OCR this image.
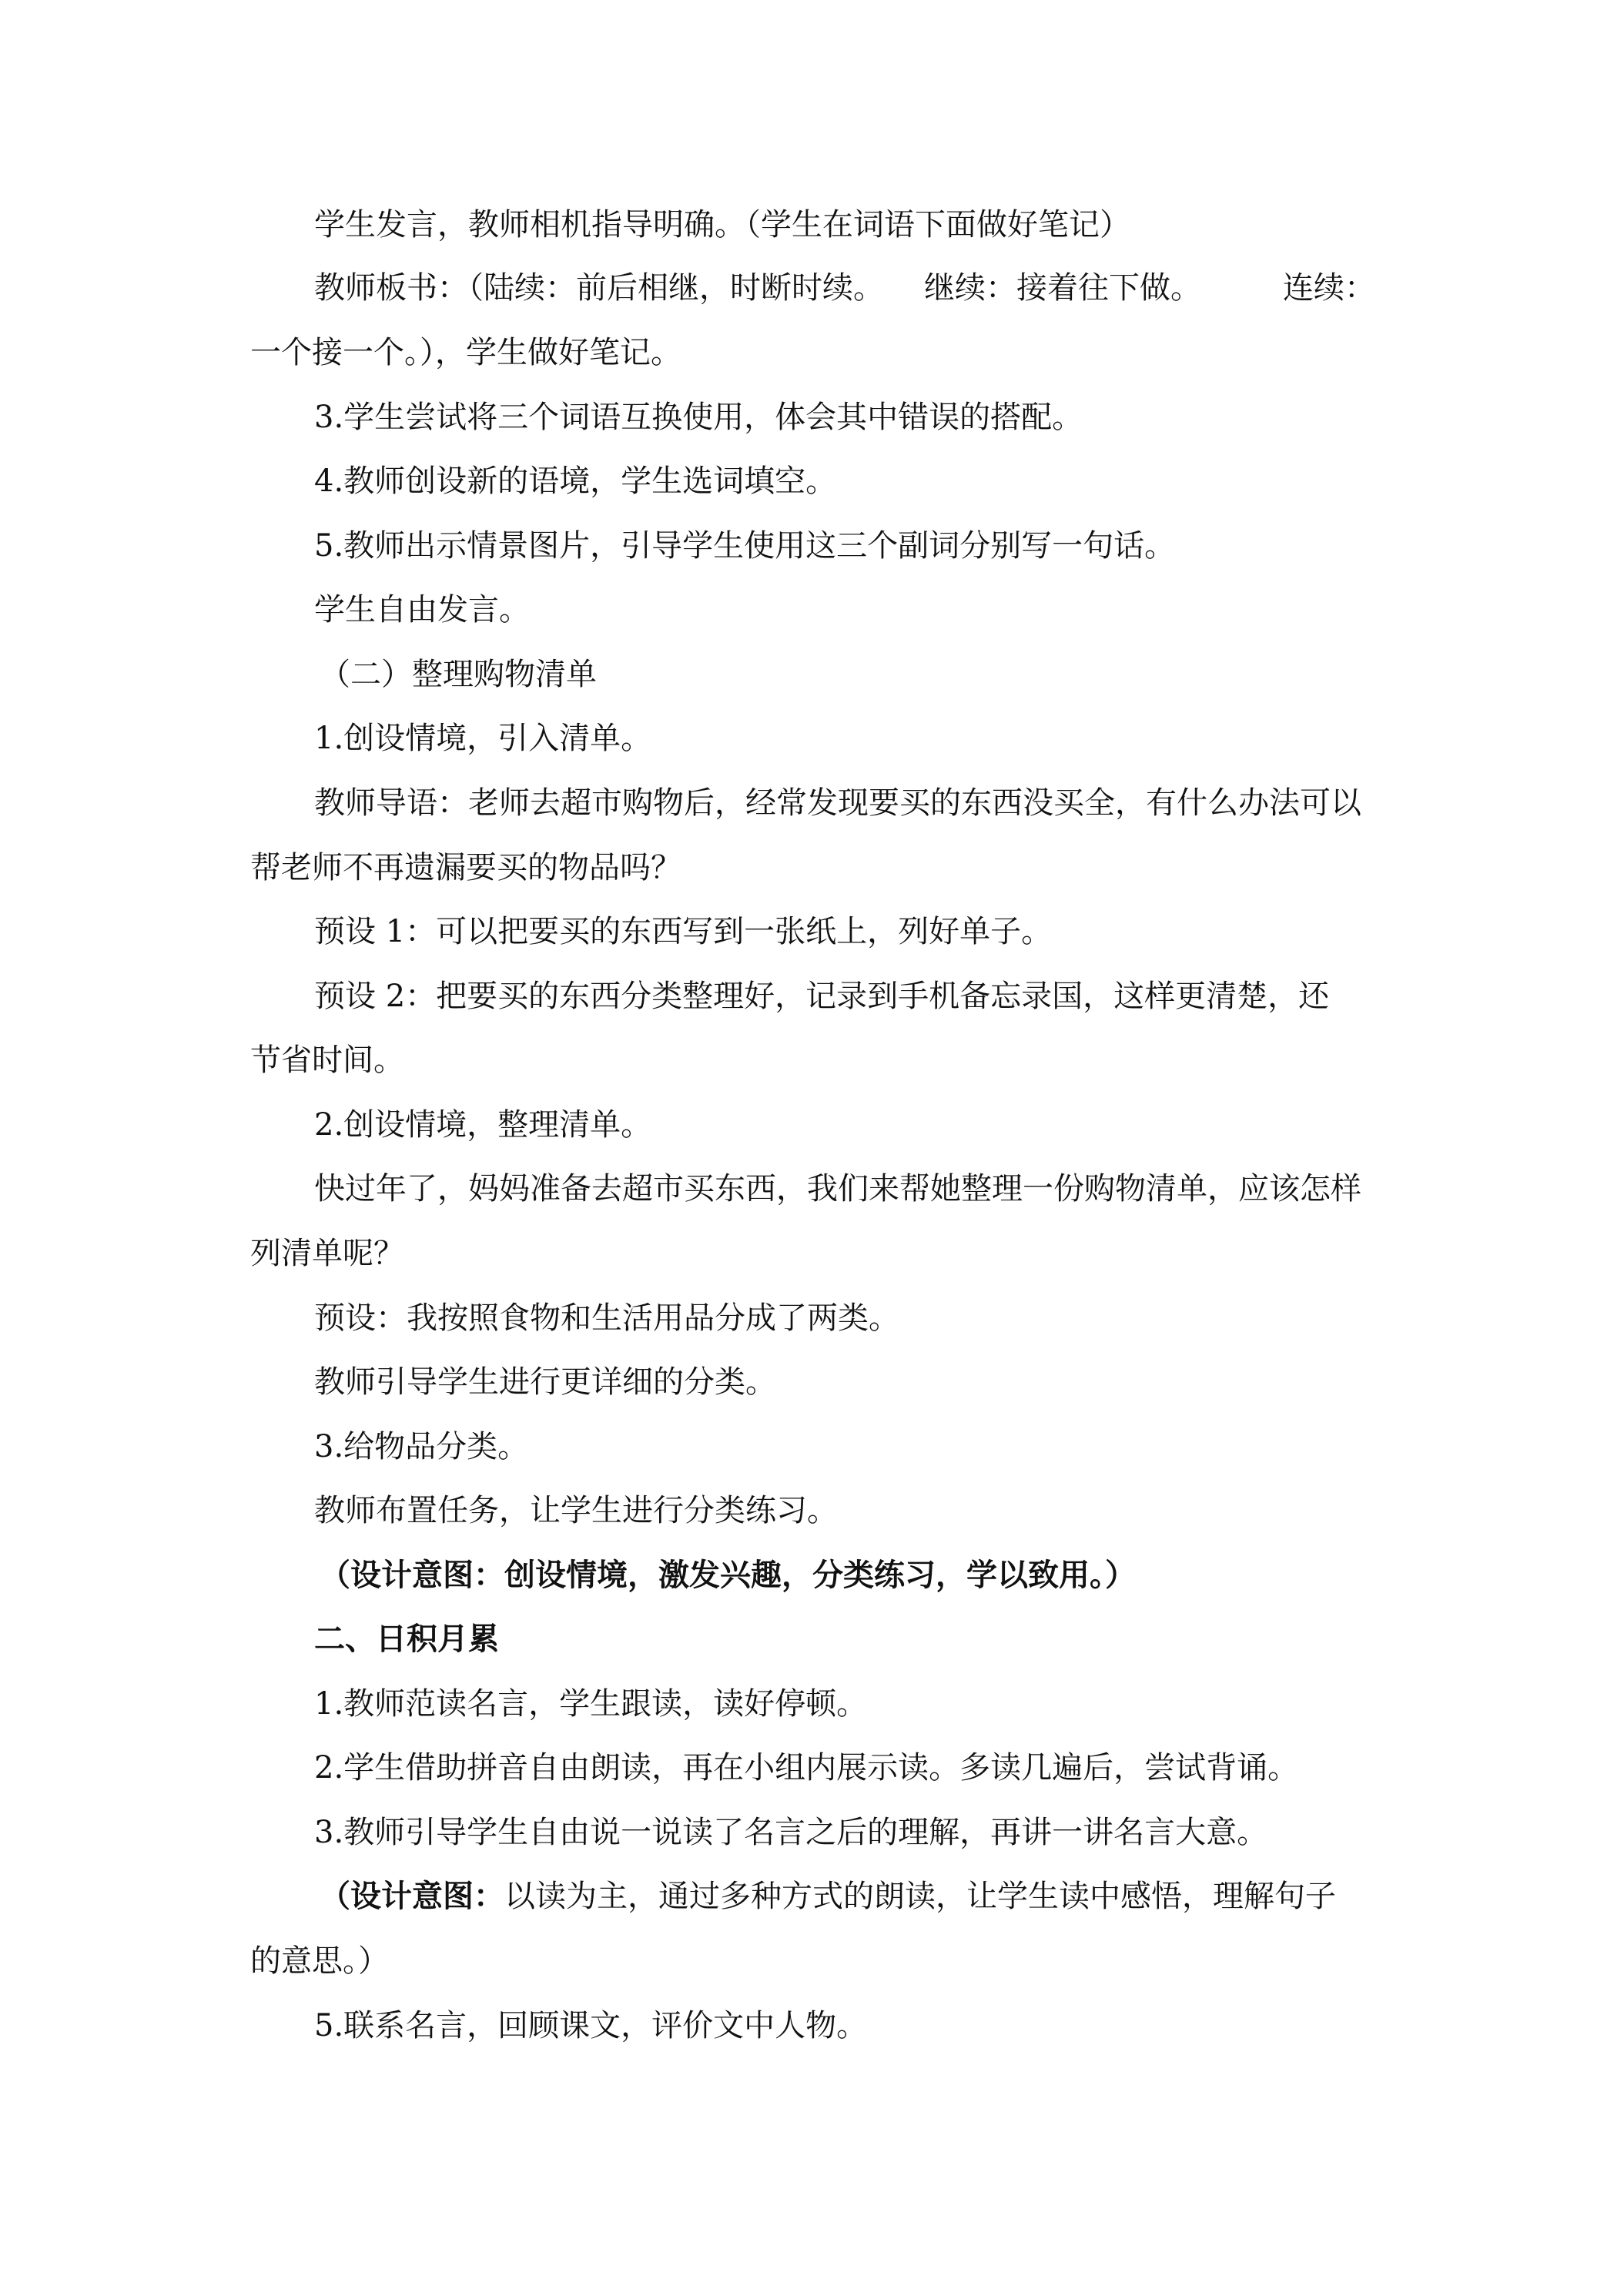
学生发言，教师相机指导明确。（学生在词语下面做好笔记）

教师板书：（陆续：前后相继，时断时续。 继续：接着往下做。	连续：

一个接一个。），学生做好笔记。

3.学生尝试将三个词语互换使用，体会其中错误的搭配。

4.教师创设新的语境，学生选词填空。

5.教师出示情景图片，引导学生使用这三个副词分别写一句话。

学生自由发言。

（二）整理购物清单

1.创设情境，引入清单。

教师导语：老师去超市购物后，经常发现要买的东西没买全，有什么办法可以

帮老师不再遗漏要买的物品吗？

预设 1：可以把要买的东西写到一张纸上，列好单子。

预设 2：把要买的东西分类整理好，记录到手机备忘录国，这样更清楚，还

节省时间。

2.创设情境，整理清单。

快过年了，妈妈准备去超市买东西，我们来帮她整理一份购物清单，应该怎样

列清单呢？

预设：我按照食物和生活用品分成了两类。

教师引导学生进行更详细的分类。

3.给物品分类。

教师布置任务，让学生进行分类练习。

（设计意图：创设情境，激发兴趣，分类练习，学以致用。）

二、日积月累

1.教师范读名言，学生跟读，读好停顿。

2.学生借助拼音自由朗读，再在小组内展示读。多读几遍后，尝试背诵。

3.教师引导学生自由说一说读了名言之后的理解，再讲一讲名言大意。

（设计意图：以读为主，通过多种方式的朗读，让学生读中感悟，理解句子

的意思。）

5.联系名言，回顾课文，评价文中人物。
